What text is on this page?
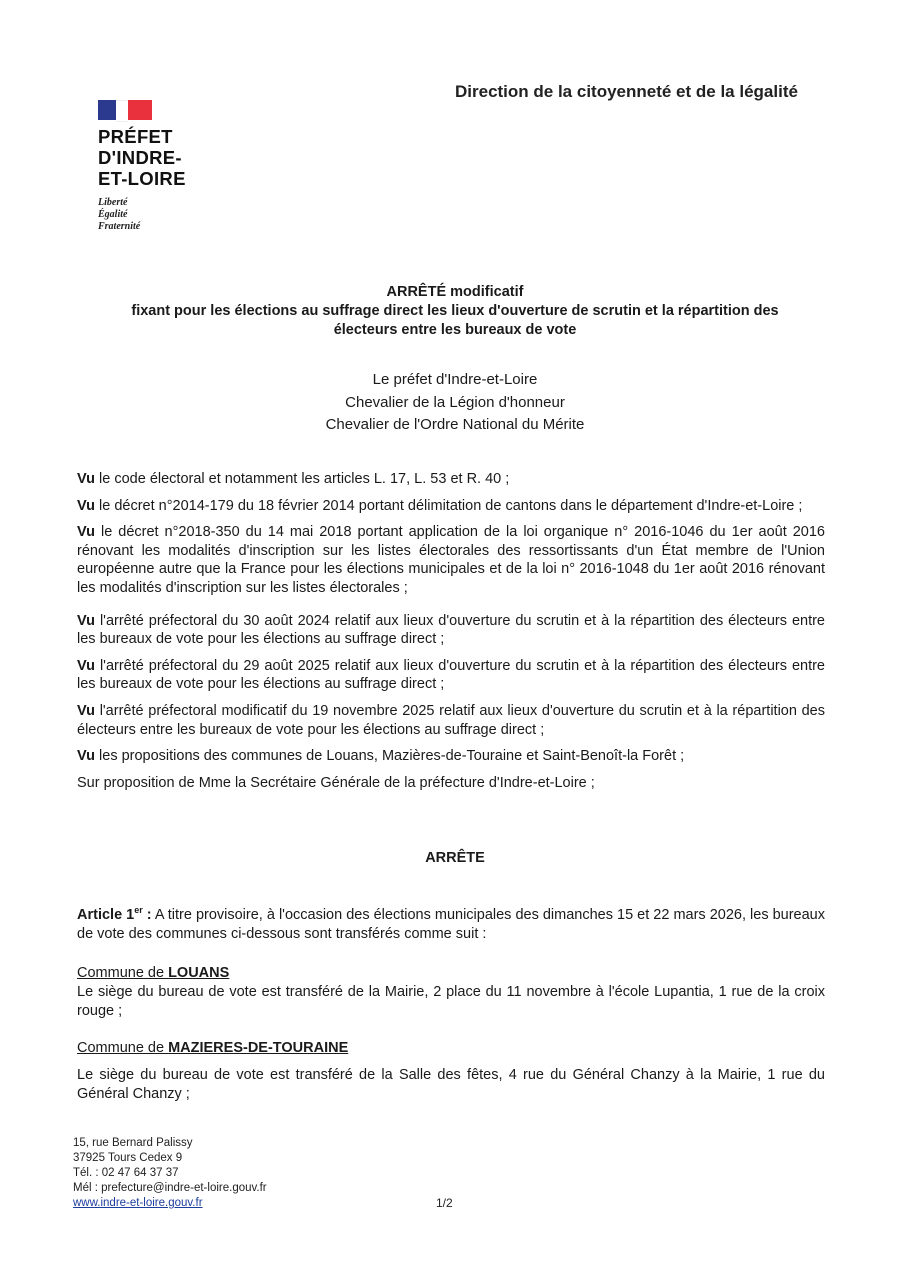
Direction de la citoyenneté et de la légalité
PRÉFET
D'INDRE-
ET-LOIRE
Liberté
Égalité
Fraternité
ARRÊTÉ modificatif
fixant pour les élections au suffrage direct les lieux d'ouverture de scrutin et la répartition des
électeurs entre les bureaux de vote
Le préfet d'Indre-et-Loire
Chevalier de la Légion d'honneur
Chevalier de l'Ordre National du Mérite

Vu le code électoral et notamment les articles L. 17, L. 53 et R. 40 ;

Vu le décret n°2014-179 du 18 février 2014 portant délimitation de cantons dans le département d'Indre-et-Loire ;

Vu le décret n°2018-350 du 14 mai 2018 portant application de la loi organique n° 2016-1046 du 1er août 2016 rénovant les modalités d'inscription sur les listes électorales des ressortissants d'un État membre de l'Union européenne autre que la France pour les élections municipales et de la loi n° 2016-1048 du 1er août 2016 rénovant les modalités d'inscription sur les listes électorales ;

Vu l'arrêté préfectoral du 30 août 2024 relatif aux lieux d'ouverture du scrutin et à la répartition des électeurs entre les bureaux de vote pour les élections au suffrage direct ;

Vu l'arrêté préfectoral du 29 août 2025 relatif aux lieux d'ouverture du scrutin et à la répartition des électeurs entre les bureaux de vote pour les élections au suffrage direct ;

Vu l'arrêté préfectoral modificatif du 19 novembre 2025 relatif aux lieux d'ouverture du scrutin et à la répartition des électeurs entre les bureaux de vote pour les élections au suffrage direct ;

Vu les propositions des communes de Louans, Mazières-de-Touraine et Saint-Benoît-la Forêt ;

Sur proposition de Mme la Secrétaire Générale de la préfecture d'Indre-et-Loire ;

ARRÊTE
Article 1er : A titre provisoire, à l'occasion des élections municipales des dimanches 15 et 22 mars 2026, les bureaux de vote des communes ci-dessous sont transférés comme suit :
Commune de LOUANS

Le siège du bureau de vote est transféré de la Mairie, 2 place du 11 novembre à l'école Lupantia, 1 rue de la croix rouge ;

Commune de MAZIERES-DE-TOURAINE

Le siège du bureau de vote est transféré de la Salle des fêtes, 4 rue du Général Chanzy à la Mairie, 1 rue du Général Chanzy ;

15, rue Bernard Palissy
37925 Tours Cedex 9
Tél. : 02 47 64 37 37
Mél : prefecture@indre-et-loire.gouv.fr
www.indre-et-loire.gouv.fr	1/2
